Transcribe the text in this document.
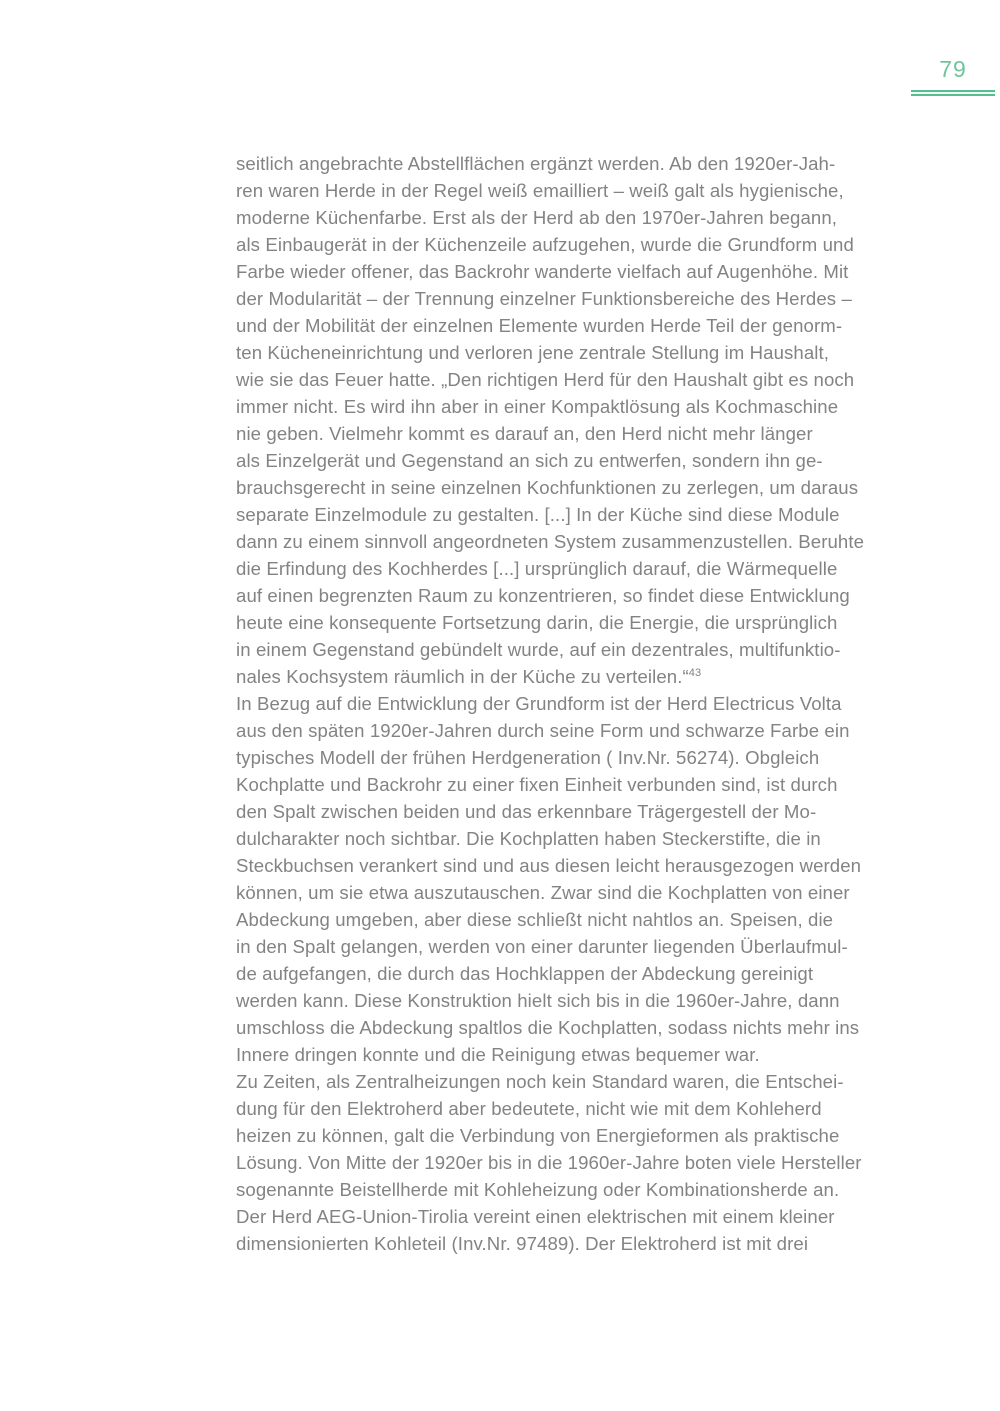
79
seitlich angebrachte Abstellflächen ergänzt werden. Ab den 1920er-Jah-
ren waren Herde in der Regel weiß emailliert – weiß galt als hygienische,
moderne Küchenfarbe. Erst als der Herd ab den 1970er-Jahren begann,
als Einbaugerät in der Küchenzeile aufzugehen, wurde die Grundform und
Farbe wieder offener, das Backrohr wanderte vielfach auf Augenhöhe. Mit
der Modularität – der Trennung einzelner Funktionsbereiche des Herdes –
und der Mobilität der einzelnen Elemente wurden Herde Teil der genorm-
ten Kücheneinrichtung und verloren jene zentrale Stellung im Haushalt,
wie sie das Feuer hatte. „Den richtigen Herd für den Haushalt gibt es noch
immer nicht. Es wird ihn aber in einer Kompaktlösung als Kochmaschine
nie geben. Vielmehr kommt es darauf an, den Herd nicht mehr länger
als Einzelgerät und Gegenstand an sich zu entwerfen, sondern ihn ge-
brauchsgerecht in seine einzelnen Kochfunktionen zu zerlegen, um daraus
separate Einzelmodule zu gestalten. [...] In der Küche sind diese Module
dann zu einem sinnvoll angeordneten System zusammenzustellen. Beruhte
die Erfindung des Kochherdes [...] ursprünglich darauf, die Wärmequelle
auf einen begrenzten Raum zu konzentrieren, so findet diese Entwicklung
heute eine konsequente Fortsetzung darin, die Energie, die ursprünglich
in einem Gegenstand gebündelt wurde, auf ein dezentrales, multifunktio-
nales Kochsystem räumlich in der Küche zu verteilen.“$^{43}$
In Bezug auf die Entwicklung der Grundform ist der Herd Electricus Volta
aus den späten 1920er-Jahren durch seine Form und schwarze Farbe ein
typisches Modell der frühen Herdgeneration ( Inv.Nr. 56274). Obgleich
Kochplatte und Backrohr zu einer fixen Einheit verbunden sind, ist durch
den Spalt zwischen beiden und das erkennbare Trägergestell der Mo-
dulcharakter noch sichtbar. Die Kochplatten haben Steckerstifte, die in
Steckbuchsen verankert sind und aus diesen leicht herausgezogen werden
können, um sie etwa auszutauschen. Zwar sind die Kochplatten von einer
Abdeckung umgeben, aber diese schließt nicht nahtlos an. Speisen, die
in den Spalt gelangen, werden von einer darunter liegenden Überlaufmul-
de aufgefangen, die durch das Hochklappen der Abdeckung gereinigt
werden kann. Diese Konstruktion hielt sich bis in die 1960er-Jahre, dann
umschloss die Abdeckung spaltlos die Kochplatten, sodass nichts mehr ins
Innere dringen konnte und die Reinigung etwas bequemer war.
Zu Zeiten, als Zentralheizungen noch kein Standard waren, die Entschei-
dung für den Elektroherd aber bedeutete, nicht wie mit dem Kohleherd
heizen zu können, galt die Verbindung von Energieformen als praktische
Lösung. Von Mitte der 1920er bis in die 1960er-Jahre boten viele Hersteller
sogenannte Beistellherde mit Kohleheizung oder Kombinationsherde an.
Der Herd AEG-Union-Tirolia vereint einen elektrischen mit einem kleiner
dimensionierten Kohleteil (Inv.Nr. 97489). Der Elektroherd ist mit drei
